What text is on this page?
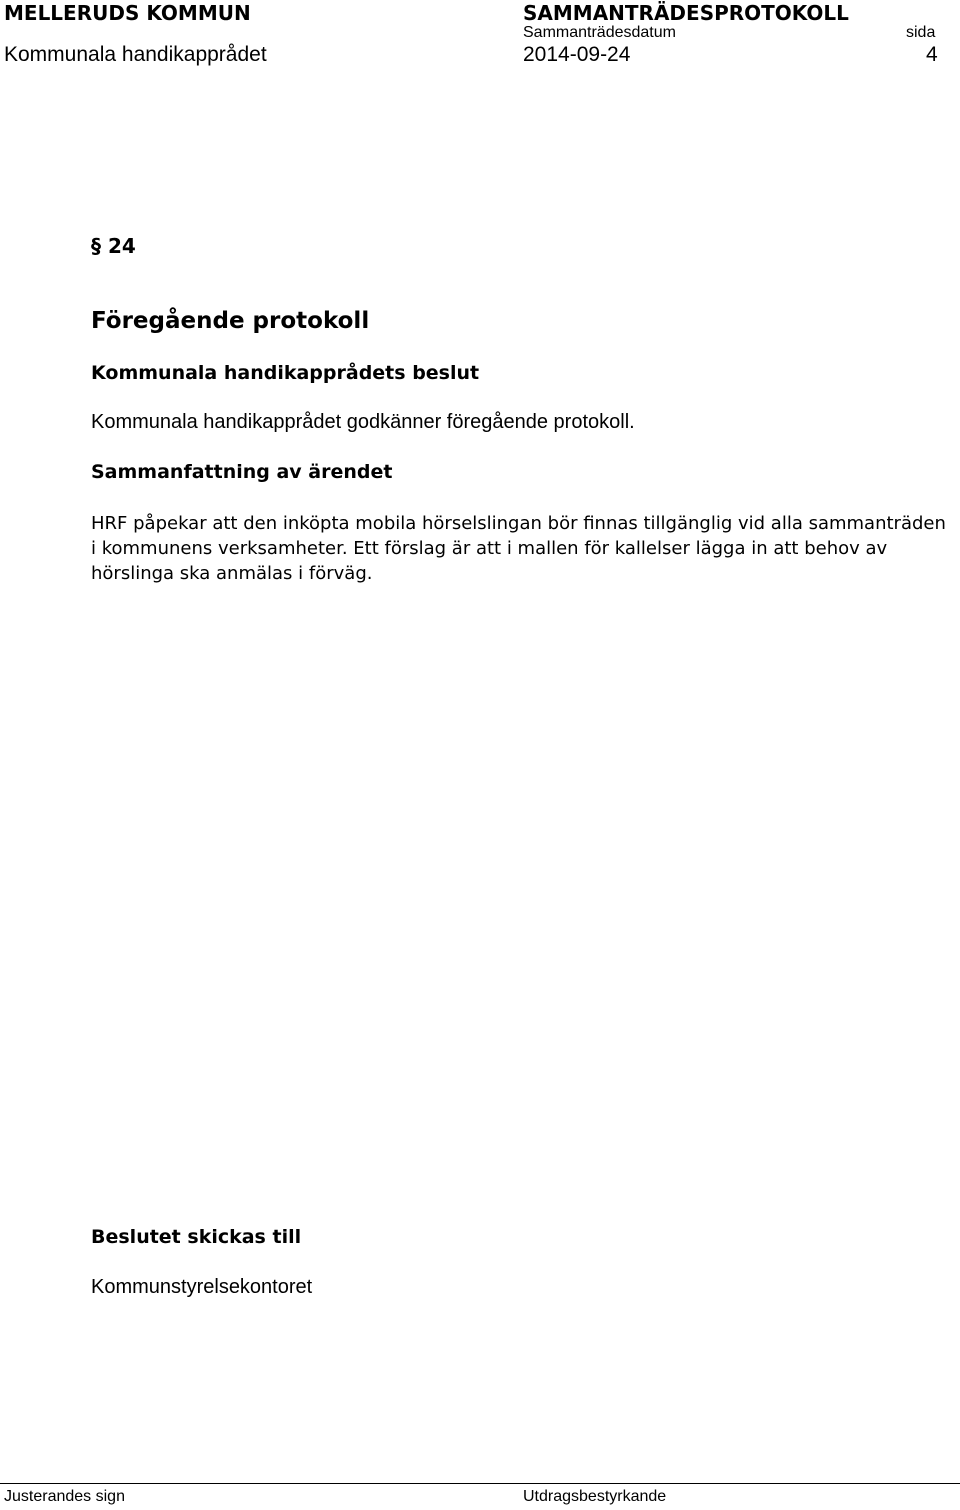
MELLERUDS KOMMUN	SAMMANTRÄDESPROTOKOLL
Kommunala handikapprådet
Sammanträdesdatum
2014-09-24
sida
4
§ 24
Föregående protokoll
Kommunala handikapprådets beslut
Kommunala handikapprådet godkänner föregående protokoll.
Sammanfattning av ärendet
HRF påpekar att den inköpta mobila hörselslingan bör finnas tillgänglig vid alla sammanträden i kommunens verksamheter. Ett förslag är att i mallen för kallelser lägga in att behov av hörslinga ska anmälas i förväg.
Beslutet skickas till
Kommunstyrelsekontoret
Justerandes sign	Utdragsbestyrkande
